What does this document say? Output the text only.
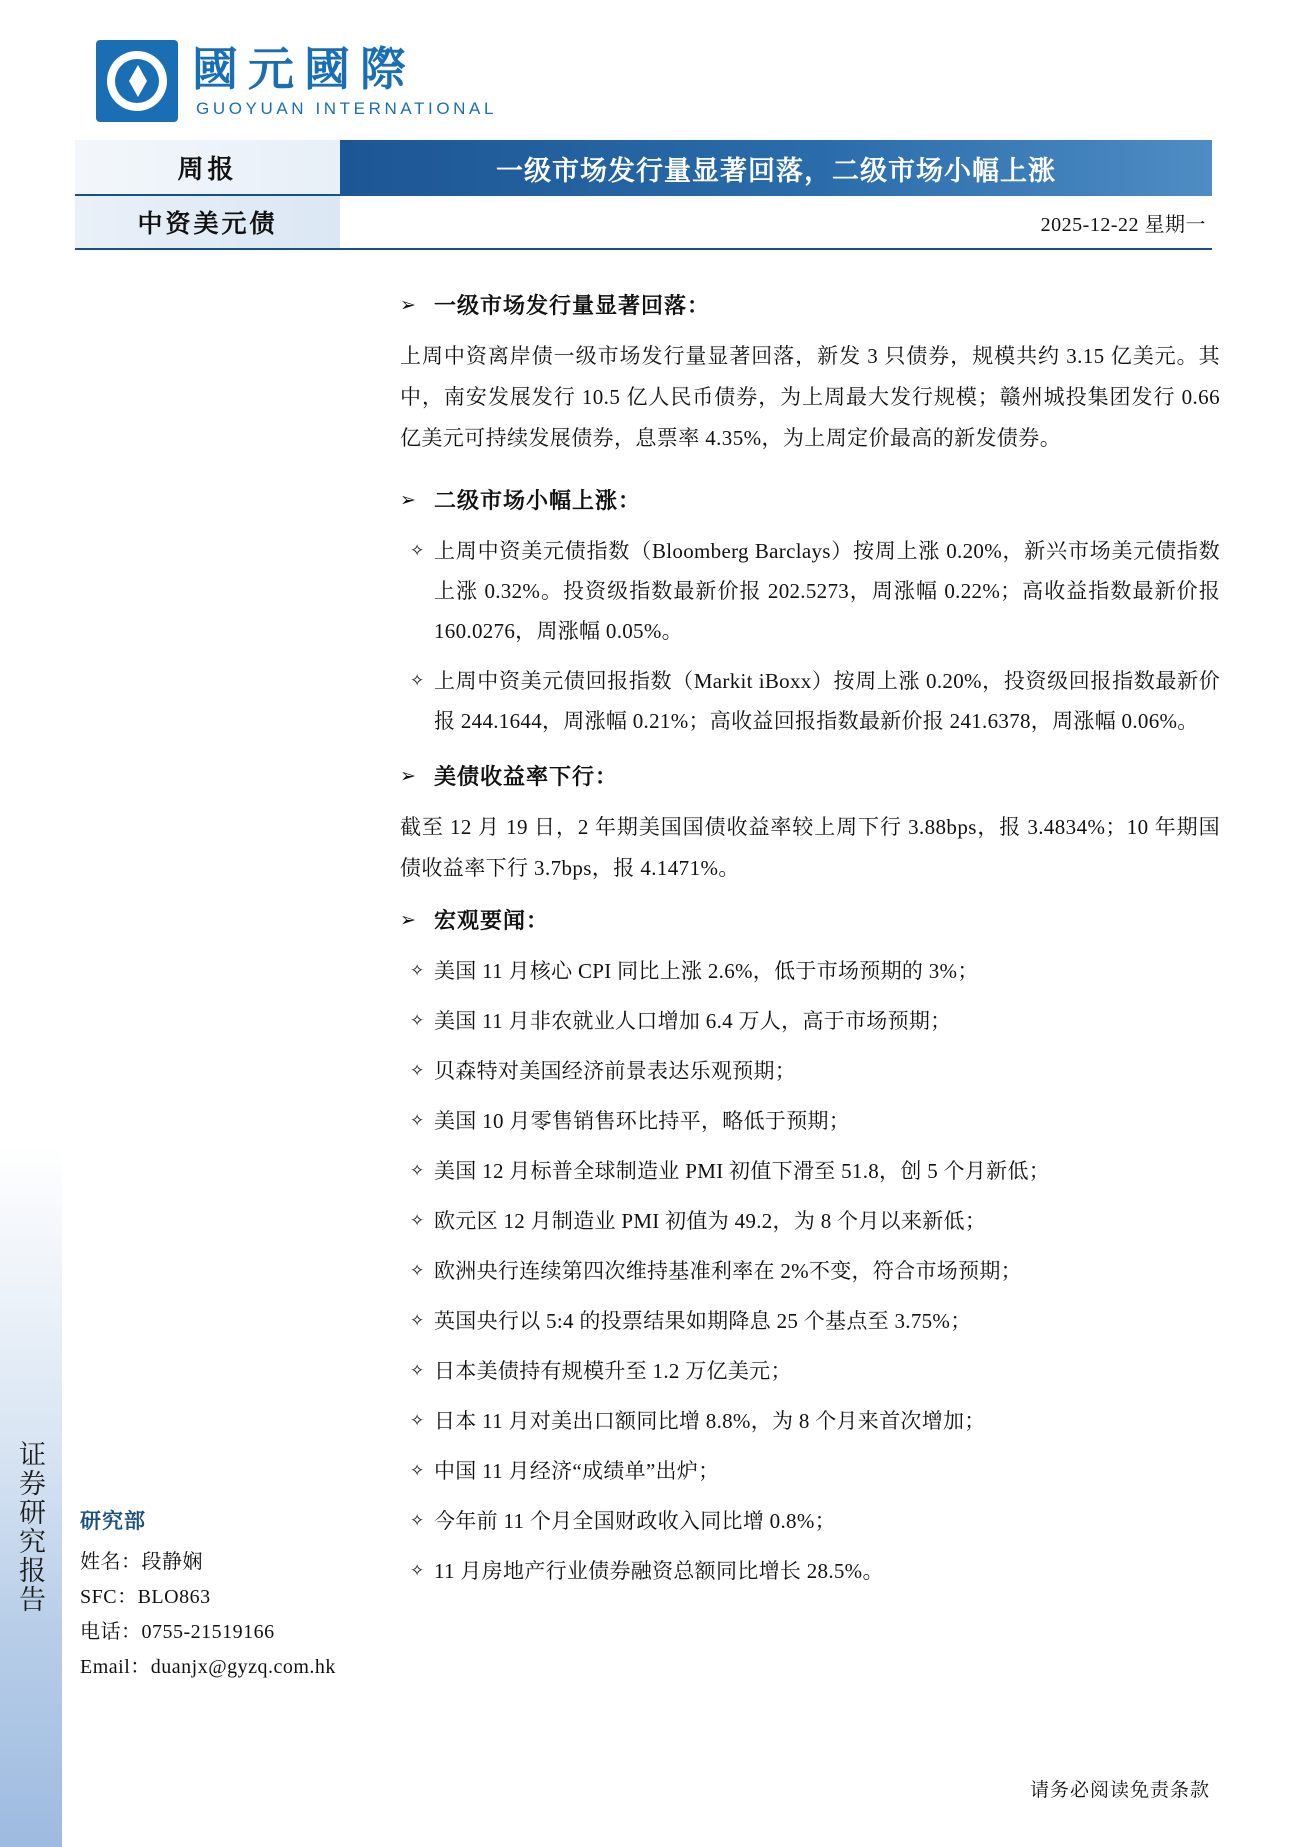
证券研究报告
國元國際
GUOYUAN INTERNATIONAL
周报	一级市场发行量显著回落，二级市场小幅上涨
中资美元债	2025-12-22 星期一
➢ 一级市场发行量显著回落：

上周中资离岸债一级市场发行量显著回落，新发 3 只债券，规模共约 3.15 亿美元。其中，南安发展发行 10.5 亿人民币债券，为上周最大发行规模；赣州城投集团发行 0.66 亿美元可持续发展债券，息票率 4.35%，为上周定价最高的新发债券。

➢ 二级市场小幅上涨：
✧ 上周中资美元债指数（Bloomberg Barclays）按周上涨 0.20%，新兴市场美元债指数上涨 0.32%。投资级指数最新价报 202.5273，周涨幅 0.22%；高收益指数最新价报 160.0276，周涨幅 0.05%。
✧ 上周中资美元债回报指数（Markit iBoxx）按周上涨 0.20%，投资级回报指数最新价报 244.1644，周涨幅 0.21%；高收益回报指数最新价报 241.6378，周涨幅 0.06%。
➢ 美债收益率下行：

截至 12 月 19 日，2 年期美国国债收益率较上周下行 3.88bps，报 3.4834%；10 年期国债收益率下行 3.7bps，报 4.1471%。

➢ 宏观要闻：
✧ 美国 11 月核心 CPI 同比上涨 2.6%，低于市场预期的 3%；
✧ 美国 11 月非农就业人口增加 6.4 万人，高于市场预期；
✧ 贝森特对美国经济前景表达乐观预期；
✧ 美国 10 月零售销售环比持平，略低于预期；
✧ 美国 12 月标普全球制造业 PMI 初值下滑至 51.8，创 5 个月新低；
✧ 欧元区 12 月制造业 PMI 初值为 49.2，为 8 个月以来新低；
✧ 欧洲央行连续第四次维持基准利率在 2%不变，符合市场预期；
✧ 英国央行以 5:4 的投票结果如期降息 25 个基点至 3.75%；
✧ 日本美债持有规模升至 1.2 万亿美元；
✧ 日本 11 月对美出口额同比增 8.8%，为 8 个月来首次增加；
✧ 中国 11 月经济“成绩单”出炉；
✧ 今年前 11 个月全国财政收入同比增 0.8%；
✧ 11 月房地产行业债券融资总额同比增长 28.5%。
研究部
姓名：段静娴
SFC：BLO863
电话：0755-21519166
Email：duanjx@gyzq.com.hk
请务必阅读免责条款
